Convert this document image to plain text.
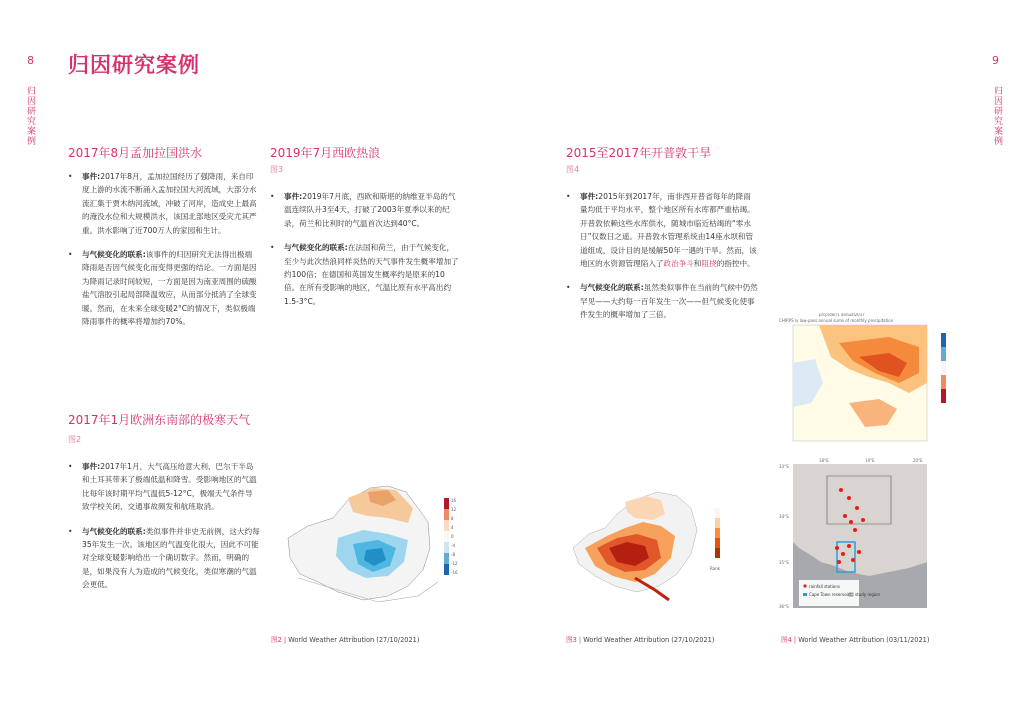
8	9
归因研究案例	归因研究案例
归因研究案例
2017年8月孟加拉国洪水
• 事件:2017年8月，孟加拉国经历了强降雨，来自印度上游的水流不断涌入孟加拉国大河流域，大部分水流汇集于贾木纳河流域，冲破了河岸，造成史上最高的淹没水位和大规模洪水，该国北部地区受灾尤其严重。洪水影响了近700万人的家园和生计。
• 与气候变化的联系:该事件的归因研究无法得出极端降雨是否因气候变化而变得更强的结论。一方面是因为降雨记录时间较短，一方面是因为南亚周围的硫酸盐气溶胶引起局部降温效应，从而部分抵消了全球变暖。然而，在未来全球变暖2°C的情况下，类似极端降雨事件的概率将增加约70%。
2019年7月西欧热浪
图3
• 事件:2019年7月底，西欧和斯堪的纳维亚半岛的气温连续队升3至4天，打破了2003年夏季以来的纪录，荷兰和比利时的气温首次达到40°C。
• 与气候变化的联系:在法国和荷兰，由于气候变化，至少与此次热浪同样炎热的天气事件发生概率增加了约100倍；在德国和英国发生概率约是原来的10倍。在所有受影响的地区，气温比原有水平高出约1.5-3°C。
2017年1月欧洲东南部的极寒天气
图2
• 事件:2017年1月，大气高压给意大利、巴尔干半岛和土耳其带来了极端低温和降雪。受影响地区的气温比每年该时期平均气温低5-12°C，极端天气条件导致学校关闭、交通事故频发和航班取消。
• 与气候变化的联系:类似事件并非史无前例，这大约每35年发生一次。该地区的气温变化很大，因此不可能对全球变暖影响给出一个确切数字。然而，明确的是，如果没有人为造成的气候变化，类似寒潮的气温会更低。
2015至2017年开普敦干旱
图4
• 事件:2015年到2017年，南非西开普省每年的降雨量均低于平均水平，整个地区所有水库都严重枯竭。开普敦依赖这些水库供水，随城市临近枯竭的“零水日”仅数日之遥。开普敦水管理系统由14座水坝和管道组成，设计目的是缓解50年一遇的干旱。然而，该地区的水资源管理陷入了政治争斗和阻挠的指控中。
• 与气候变化的联系:虽然类似事件在当前的气候中仍然罕见——大约每一百年发生一次——但气候变化使事件发生的概率增加了三倍。
16
12
8
4
0
-4
-8
-12
-16
Rank
prcp/der/1 annual2017
CHIRPS ly low-pass annual sums of monthly precipitation
18°E	19°E	20°E
33°S
34°S
35°S
36°S
rainfall stations
Cape Town reservoirs study region
图2 | World Weather Attribution (27/10/2021)	图3 | World Weather Attribution (27/10/2021)	图4 | World Weather Attribution (03/11/2021)
